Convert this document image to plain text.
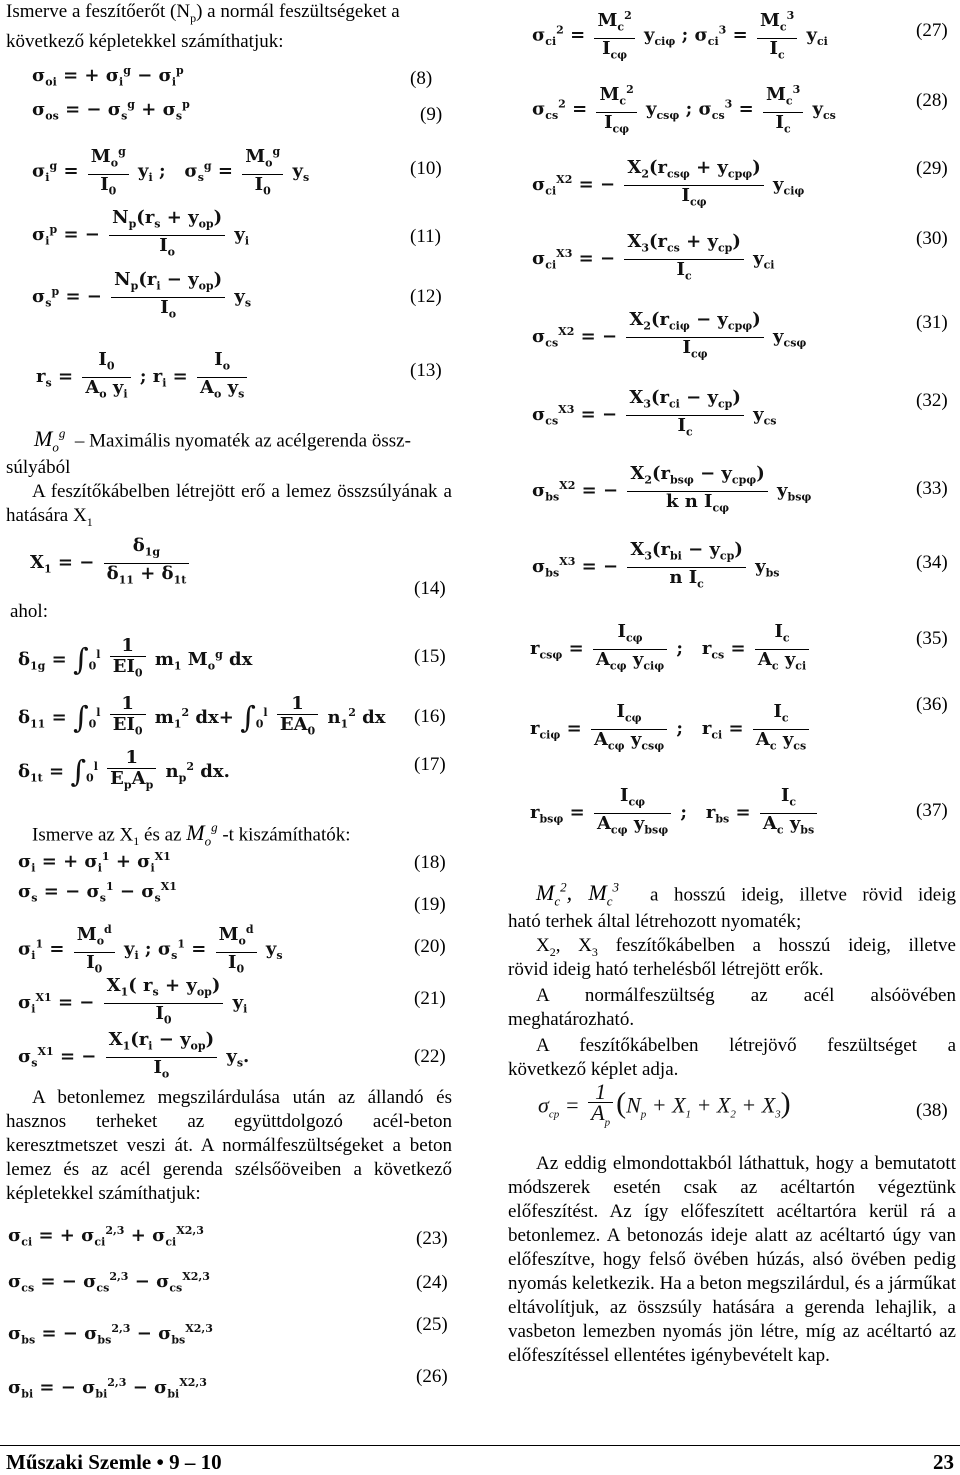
Ismerve a feszítőerőt $(N_p)$ a normál feszültségeket a következő képletekkel számíthatjuk:
$\sigma_{oi}$ = + $\sigma_i^g - \sigma_i^p$	(8)
$\sigma_{os}$ = − $\sigma_s^g + \sigma_s^p$	(9)
$\sigma_i^g = \frac{M_o^g}{I_0} y_i$ ;   $\sigma_s^g = \frac{M_o^g}{I_0} y_s$	(10)
$\sigma_i^p$ = − $\frac{N_p(r_s + y_{op})}{I_o} y_i$	(11)
$\sigma_s^p$ = − $\frac{N_p(r_i - y_{op})}{I_o} y_s$	(12)
$r_s = \frac{I_0}{A_o y_i}$ ; $r_i = \frac{I_o}{A_o y_s}$	(13)
$M_o^g$ – Maximális nyomaték az acélgerenda össz-
súlyából
A feszítőkábelben létrejött erő a lemez összsúlyának a hatására $X_1$
$X_1$ = − $\frac{\delta_{1g}}{\delta_{11} + \delta_{1t}}$	(14)
ahol:
$\delta_{1g} = \int_0^l \frac{1}{EI_0} m_1$ $M_o^g$ dx	(15)
$\delta_{11} = \int_0^l \frac{1}{EI_0} m_1^2$ $dx+ \int_0^l \frac{1}{EA_0} n_1^2$ dx (16)
$\delta_{1t} = \int_0^l \frac{1}{E_pA_p} n_p^2$ dx.	(17)
Ismerve az $X_1$ és az $M_o^g$ -t kiszámíthatók:
$\sigma_i$ = + $\sigma_i^1 + \sigma_i^{X1}$	(18)
$\sigma_s$ = − $\sigma_s^1 - \sigma_s^{X1}$
(19)
$\sigma_i^1 = \frac{M_o^d}{I_0} y_i$ ; $\sigma_s^1 = \frac{M_o^d}{I_0} y_s$	(20)
$\sigma_i^{X1}$ = − $\frac{X_1( r_s + y_{op})}{I_0} y_i$
(21)
$\sigma_s^{X1}$ = − $\frac{X_1(r_i - y_{op})}{I_o} y_s$.	(22)
A betonlemez megszilárdulása után az állandó és hasznos terheket az együttdolgozó acél-beton keresztmetszet veszi át. A normálfeszültségeket a beton lemez és az acél gerenda szélsőöveiben a következő képletekkel számíthatjuk:
$\sigma_{ci}$ = + $\sigma_{ci}^{2,3} + \sigma_{ci}^{X2,3}$	(23)
$\sigma_{cs}$ = − $\sigma_{cs}^{2,3} - \sigma_{cs}^{X2,3}$	(24)
$\sigma_{bs}$ = − $\sigma_{bs}^{2,3} - \sigma_{bs}^{X2,3}$	(25)
$\sigma_{bi}$ = − $\sigma_{bi}^{2,3} - \sigma_{bi}^{X2,3}$	(26)
$\sigma_{ci}^2 = \frac{M_c^2}{I_{c\varphi}} y_{ci\varphi}$ ; $\sigma_{ci}^3 = \frac{M_c^3}{I_c} y_{ci}$
(27)
$\sigma_{cs}^2 = \frac{M_c^2}{I_{c\varphi}} y_{cs\varphi}$ ; $\sigma_{cs}^3 = \frac{M_c^3}{I_c} y_{cs}$
(28)
$\sigma_{ci}^{X2}$ = − $\frac{X_2(r_{cs\varphi} + y_{cp\varphi})}{I_{c\varphi}} y_{ci\varphi}$
(29)
$\sigma_{ci}^{X3}$ = − $\frac{X_3(r_{cs} + y_{cp})}{I_c} y_{ci}$
(30)
$\sigma_{cs}^{X2}$ = − $\frac{X_2(r_{ci\varphi} - y_{cp\varphi})}{I_{c\varphi}} y_{cs\varphi}$
(31)
$\sigma_{cs}^{X3}$ = − $\frac{X_3(r_{ci} - y_{cp})}{I_c} y_{cs}$
(32)
$\sigma_{bs}^{X2}$ = − $\frac{X_2(r_{bs\varphi} - y_{cp\varphi})}{k n I_{c\varphi}} y_{bs\varphi}$	(33)
$\sigma_{bs}^{X3}$ = − $\frac{X_3(r_{bi} - y_{cp})}{n I_c} y_{bs}$
(34)
$r_{cs\varphi} = \frac{I_{c\varphi}}{A_{c\varphi} y_{ci\varphi}}$ ;   $r_{cs} = \frac{I_c}{A_c y_{ci}}$	(35)
$r_{ci\varphi} = \frac{I_{c\varphi}}{A_{c\varphi} y_{cs\varphi}}$ ;   $r_{ci} = \frac{I_c}{A_c y_{cs}}$	(36)
$r_{bs\varphi} = \frac{I_{c\varphi}}{A_{c\varphi} y_{bs\varphi}}$ ;   $r_{bs} = \frac{I_c}{A_c y_{bs}}$	(37)
$M_c^2$, $M_c^3$ a hosszú ideig, illetve rövid ideig
ható terhek által létrehozott nyomaték;
$X_2$, $X_3$ feszítőkábelben a hosszú ideig, illetve
rövid ideig ható terhelésből létrejött erők.
A normálfeszültség az acél alsóövében
meghatározható.
A feszítőkábelben létrejövő feszültséget a
következő képlet adja.
$\sigma_{cp} = \frac{1}{A_p} (N_p + X_1 + X_2 + X_3)$	(38)
Az eddig elmondottakból láthattuk, hogy a bemutatott módszerek esetén csak az acéltartón végeztünk előfeszítést. Az így előfeszített acéltartóra kerül rá a betonlemez. A betonozás ideje alatt az acéltartó úgy van előfeszítve, hogy felső övében húzás, alsó övében pedig nyomás keletkezik. Ha a beton megszilárdul, és a járműkat eltávolítjuk, az összsúly hatására a gerenda lehajlik, a vasbeton lemezben nyomás jön létre, míg az acéltartó az előfeszítéssel ellentétes igénybevételt kap.
Műszaki Szemle • 9 – 10	23
